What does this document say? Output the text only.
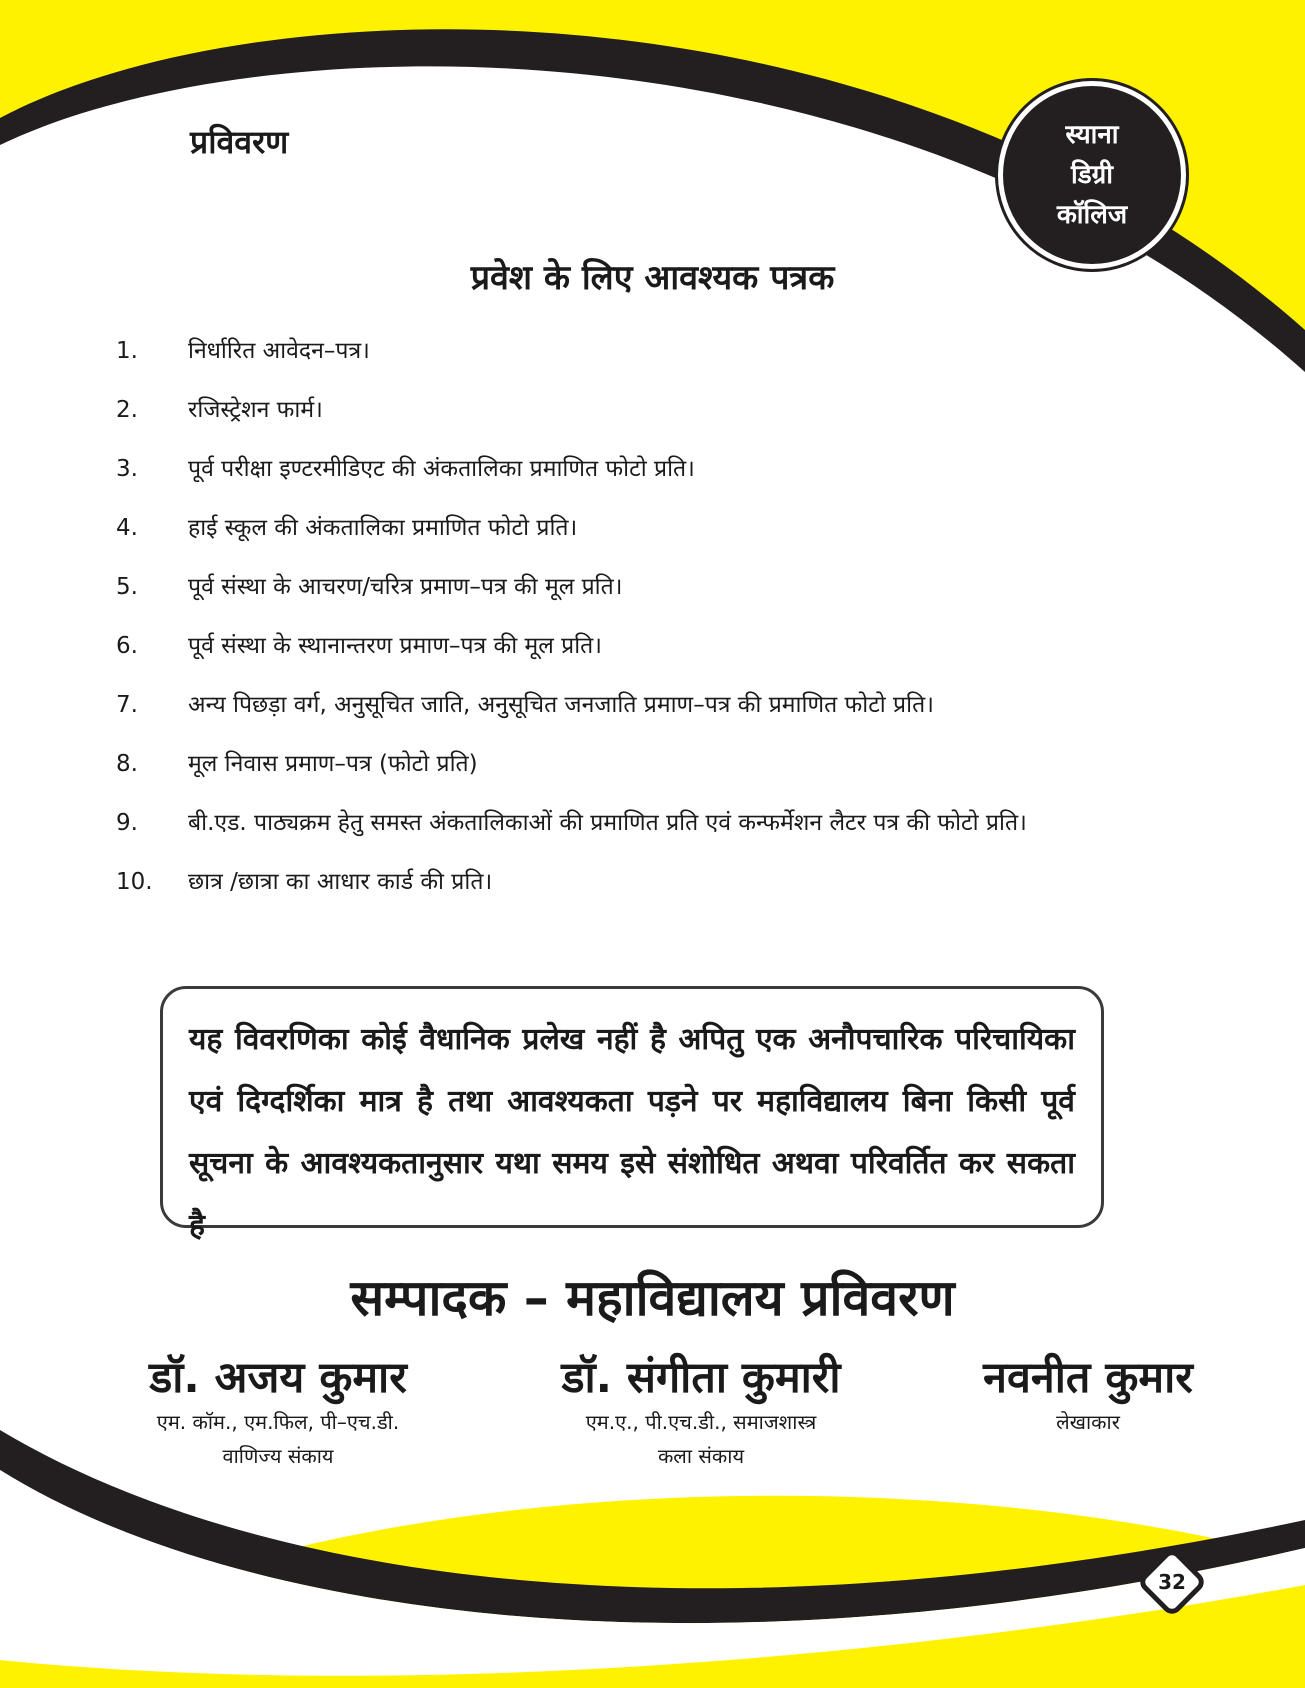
प्रविवरण	स्याना
डिग्री
कॉलिज
प्रवेश के लिए आवश्यक पत्रक
1.	निर्धारित आवेदन–पत्र।
2.	रजिस्ट्रेशन फार्म।
3.	पूर्व परीक्षा इण्टरमीडिएट की अंकतालिका प्रमाणित फोटो प्रति।
4.	हाई स्कूल की अंकतालिका प्रमाणित फोटो प्रति।
5.	पूर्व संस्था के आचरण/चरित्र प्रमाण–पत्र की मूल प्रति।
6.	पूर्व संस्था के स्थानान्तरण प्रमाण–पत्र की मूल प्रति।
7.	अन्य पिछड़ा वर्ग, अनुसूचित जाति, अनुसूचित जनजाति प्रमाण–पत्र की प्रमाणित फोटो प्रति।
8.	मूल निवास प्रमाण–पत्र (फोटो प्रति)
9.	बी.एड. पाठ्यक्रम हेतु समस्त अंकतालिकाओं की प्रमाणित प्रति एवं कन्फर्मेशन लैटर पत्र की फोटो प्रति।
10.	छात्र /छात्रा का आधार कार्ड की प्रति।
यह विवरणिका कोई वैधानिक प्रलेख नहीं है अपितु एक अनौपचारिक परिचायिका एवं दिग्दर्शिका मात्र है तथा आवश्यकता पड़ने पर महाविद्यालय बिना किसी पूर्व सूचना के आवश्यकतानुसार यथा समय इसे संशोधित अथवा परिवर्तित कर सकता है
सम्पादक – महाविद्यालय प्रविवरण
डॉ. अजय कुमार
एम. कॉम., एम.फिल, पी–एच.डी.
वाणिज्य संकाय
डॉ. संगीता कुमारी
एम.ए., पी.एच.डी., समाजशास्त्र
कला संकाय
नवनीत कुमार
लेखाकार
32
